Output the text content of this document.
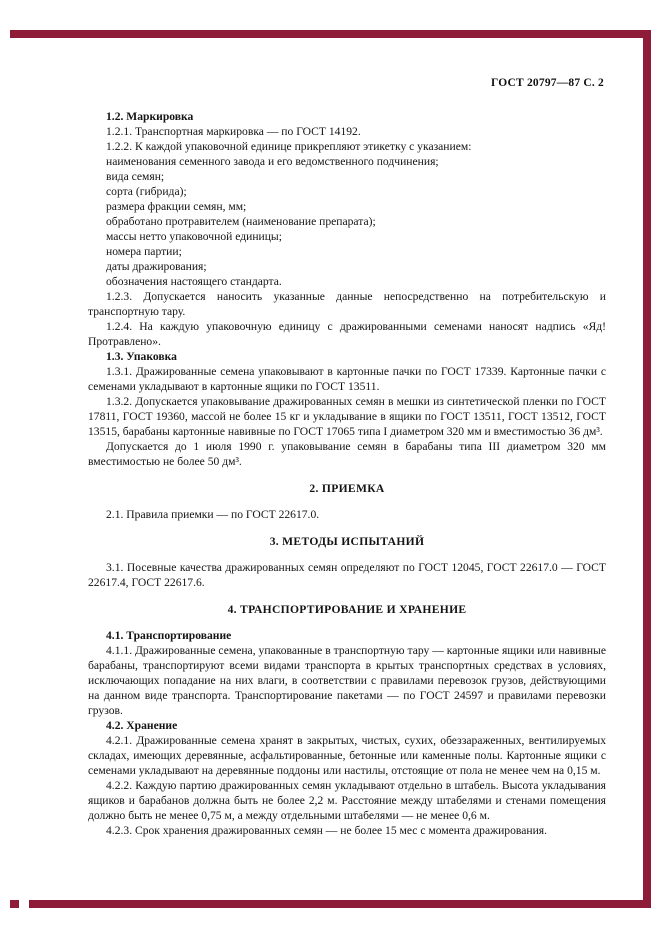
ГОСТ 20797—87 С. 2

1.2. Маркировка

1.2.1. Транспортная маркировка — по ГОСТ 14192.

1.2.2. К каждой упаковочной единице прикрепляют этикетку с указанием:

наименования семенного завода и его ведомственного подчинения;

вида семян;

сорта (гибрида);

размера фракции семян, мм;

обработано протравителем (наименование препарата);

массы нетто упаковочной единицы;

номера партии;

даты дражирования;

обозначения настоящего стандарта.

1.2.3. Допускается наносить указанные данные непосредственно на потребительскую и транспортную тару.

1.2.4. На каждую упаковочную единицу с дражированными семенами наносят надпись «Яд! Протравлено».

1.3. Упаковка

1.3.1. Дражированные семена упаковывают в картонные пачки по ГОСТ 17339. Картонные пачки с семенами укладывают в картонные ящики по ГОСТ 13511.

1.3.2. Допускается упаковывание дражированных семян в мешки из синтетической пленки по ГОСТ 17811, ГОСТ 19360, массой не более 15 кг и укладывание в ящики по ГОСТ 13511, ГОСТ 13512, ГОСТ 13515, барабаны картонные навивные по ГОСТ 17065 типа I диаметром 320 мм и вместимостью 36 дм³.

Допускается до 1 июля 1990 г. упаковывание семян в барабаны типа III диаметром 320 мм вместимостью не более 50 дм³.

2. ПРИЕМКА

2.1. Правила приемки — по ГОСТ 22617.0.

3. МЕТОДЫ ИСПЫТАНИЙ

3.1. Посевные качества дражированных семян определяют по ГОСТ 12045, ГОСТ 22617.0 — ГОСТ 22617.4, ГОСТ 22617.6.

4. ТРАНСПОРТИРОВАНИЕ И ХРАНЕНИЕ

4.1. Транспортирование

4.1.1. Дражированные семена, упакованные в транспортную тару — картонные ящики или навивные барабаны, транспортируют всеми видами транспорта в крытых транспортных средствах в условиях, исключающих попадание на них влаги, в соответствии с правилами перевозок грузов, действующими на данном виде транспорта. Транспортирование пакетами — по ГОСТ 24597 и правилами перевозки грузов.

4.2. Хранение

4.2.1. Дражированные семена хранят в закрытых, чистых, сухих, обеззараженных, вентилируемых складах, имеющих деревянные, асфальтированные, бетонные или каменные полы. Картонные ящики с семенами укладывают на деревянные поддоны или настилы, отстоящие от пола не менее чем на 0,15 м.

4.2.2. Каждую партию дражированных семян укладывают отдельно в штабель. Высота укладывания ящиков и барабанов должна быть не более 2,2 м. Расстояние между штабелями и стенами помещения должно быть не менее 0,75 м, а между отдельными штабелями — не менее 0,6 м.

4.2.3. Срок хранения дражированных семян — не более 15 мес с момента дражирования.
